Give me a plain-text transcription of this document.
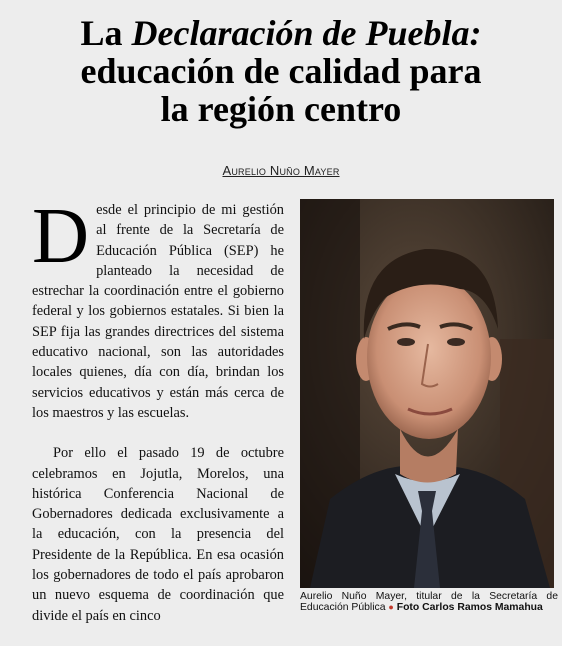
La Declaración de Puebla:
educación de calidad para
la región centro
Aurelio Nuño Mayer

Desde el principio de mi gestión al frente de la Secretaría de Educación Pública (SEP) he planteado la necesidad de estrechar la coordinación entre el gobierno federal y los gobiernos estatales. Si bien la SEP fija las grandes directrices del sistema educativo nacional, son las autoridades locales quienes, día con día, brindan los servicios educativos y están más cerca de los maestros y las escuelas.

Por ello el pasado 19 de octubre celebramos en Jojutla, Morelos, una histórica Conferencia Nacional de Gobernadores dedicada exclusivamente a la educación, con la presencia del Presidente de la República. En esa ocasión los gobernadores de todo el país aprobaron un nuevo esquema de coordinación que divide el país en cinco

Aurelio Nuño Mayer, titular de la Secretaría de Educación Pública ● Foto Carlos Ramos Mamahua
